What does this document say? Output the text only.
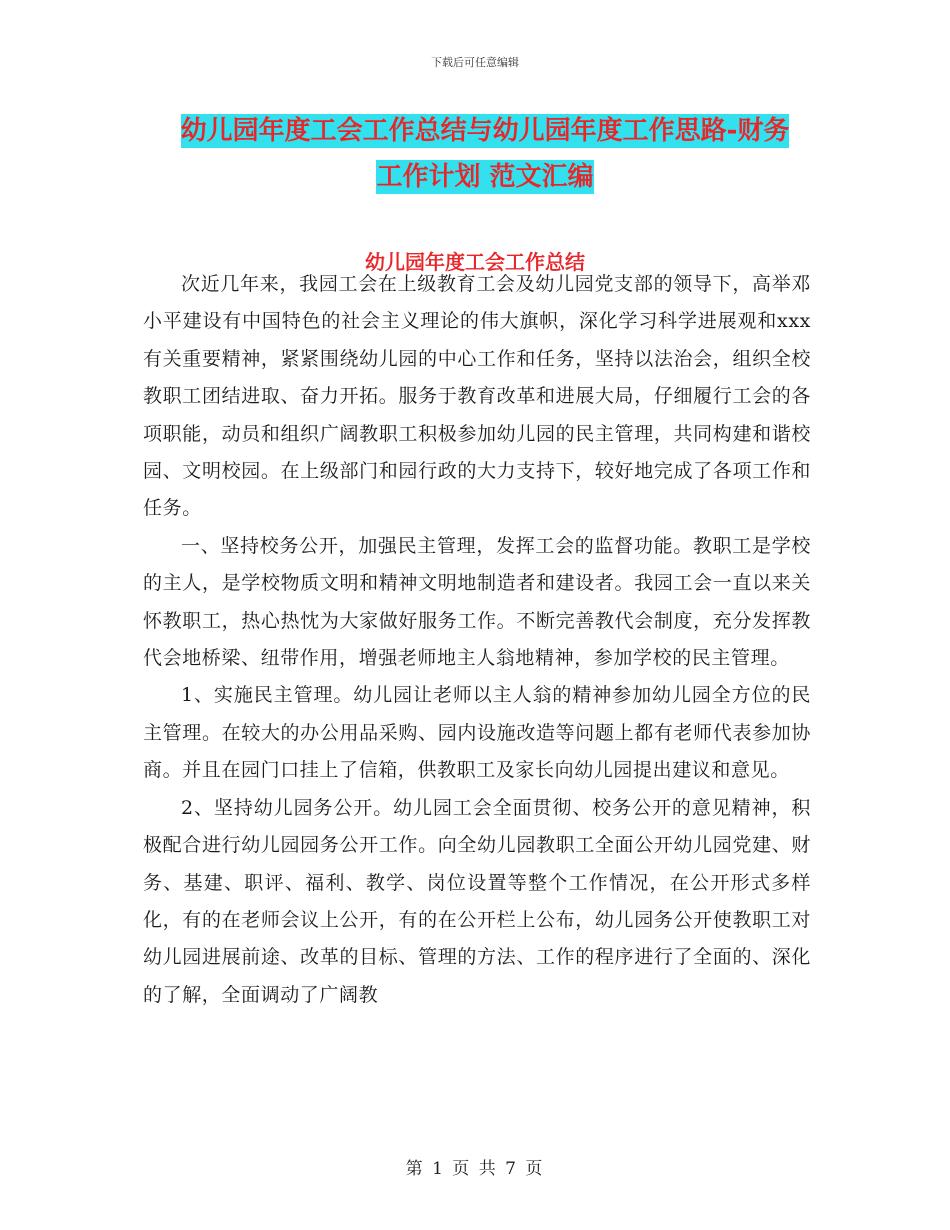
下载后可任意编辑
幼儿园年度工会工作总结与幼儿园年度工作思路-财务
工作计划 范文汇编
幼儿园年度工会工作总结

次近几年来，我园工会在上级教育工会及幼儿园党支部的领导下，高举邓小平建设有中国特色的社会主义理论的伟大旗帜，深化学习科学进展观和xxx有关重要精神，紧紧围绕幼儿园的中心工作和任务，坚持以法治会，组织全校教职工团结进取、奋力开拓。服务于教育改革和进展大局，仔细履行工会的各项职能，动员和组织广阔教职工积极参加幼儿园的民主管理，共同构建和谐校园、文明校园。在上级部门和园行政的大力支持下，较好地完成了各项工作和任务。

一、坚持校务公开，加强民主管理，发挥工会的监督功能。教职工是学校的主人，是学校物质文明和精神文明地制造者和建设者。我园工会一直以来关怀教职工，热心热忱为大家做好服务工作。不断完善教代会制度，充分发挥教代会地桥梁、纽带作用，增强老师地主人翁地精神，参加学校的民主管理。

1、实施民主管理。幼儿园让老师以主人翁的精神参加幼儿园全方位的民主管理。在较大的办公用品采购、园内设施改造等问题上都有老师代表参加协商。并且在园门口挂上了信箱，供教职工及家长向幼儿园提出建议和意见。

2、坚持幼儿园务公开。幼儿园工会全面贯彻、校务公开的意见精神，积极配合进行幼儿园园务公开工作。向全幼儿园教职工全面公开幼儿园党建、财务、基建、职评、福利、教学、岗位设置等整个工作情况，在公开形式多样化，有的在老师会议上公开，有的在公开栏上公布，幼儿园务公开使教职工对幼儿园进展前途、改革的目标、管理的方法、工作的程序进行了全面的、深化的了解，全面调动了广阔教

第 1 页 共 7 页
